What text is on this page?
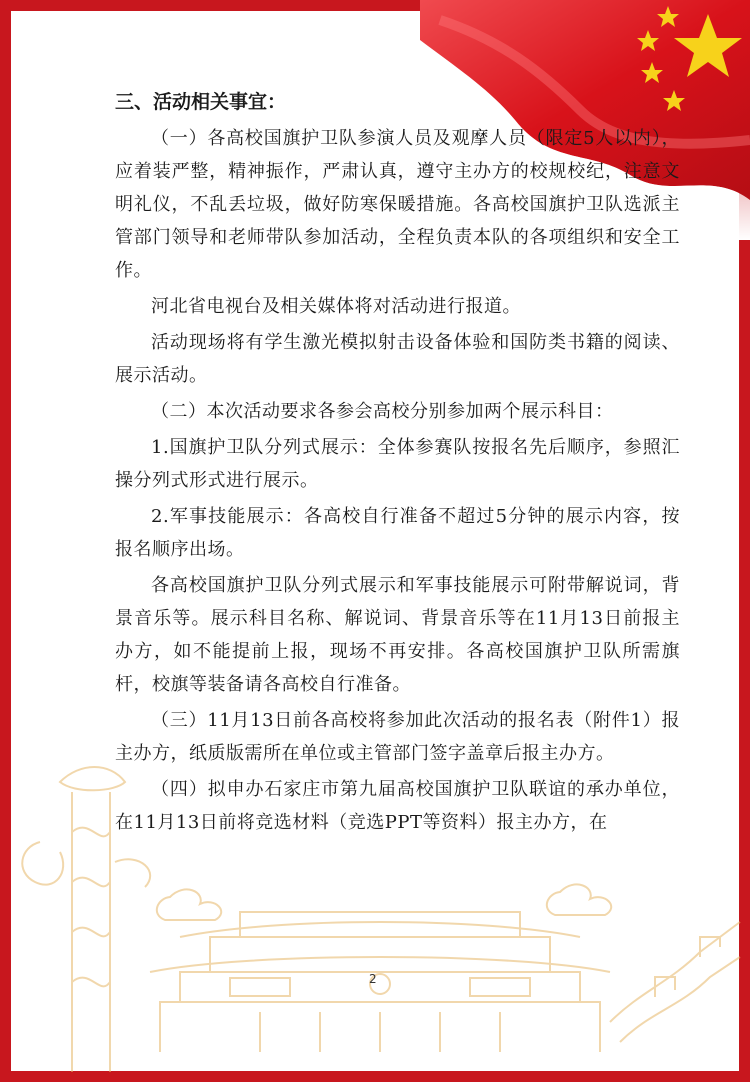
三、活动相关事宜：

（一）各高校国旗护卫队参演人员及观摩人员（限定5人以内），应着装严整，精神振作，严肃认真，遵守主办方的校规校纪，注意文明礼仪，不乱丢垃圾，做好防寒保暖措施。各高校国旗护卫队选派主管部门领导和老师带队参加活动，全程负责本队的各项组织和安全工作。

河北省电视台及相关媒体将对活动进行报道。

活动现场将有学生激光模拟射击设备体验和国防类书籍的阅读、展示活动。

（二）本次活动要求各参会高校分别参加两个展示科目：

1.国旗护卫队分列式展示：全体参赛队按报名先后顺序，参照汇操分列式形式进行展示。

2.军事技能展示：各高校自行准备不超过5分钟的展示内容，按报名顺序出场。

各高校国旗护卫队分列式展示和军事技能展示可附带解说词，背景音乐等。展示科目名称、解说词、背景音乐等在11月13日前报主办方，如不能提前上报，现场不再安排。各高校国旗护卫队所需旗杆，校旗等装备请各高校自行准备。

（三）11月13日前各高校将参加此次活动的报名表（附件1）报主办方，纸质版需所在单位或主管部门签字盖章后报主办方。

（四）拟申办石家庄市第九届高校国旗护卫队联谊的承办单位，在11月13日前将竞选材料（竞选PPT等资料）报主办方，在

2
